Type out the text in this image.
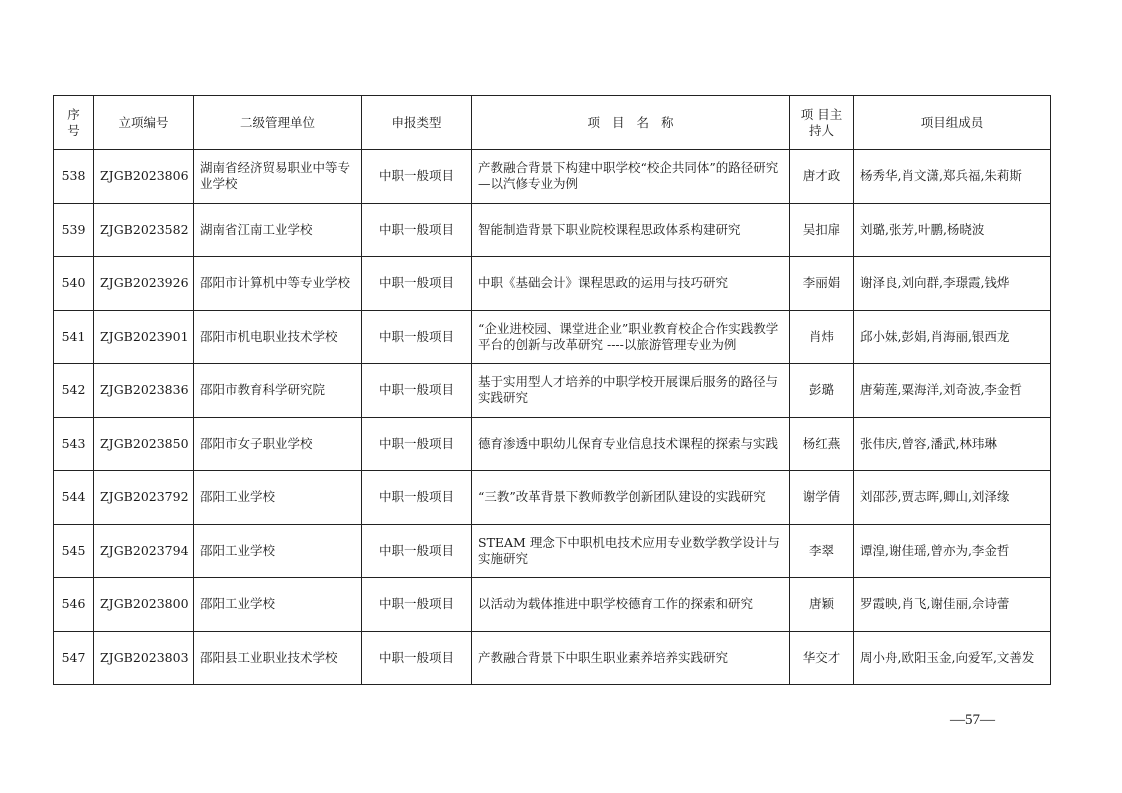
序号	立项编号	二级管理单位	申报类型	项 目 名 称	项 目主持人	项目组成员
538	ZJGB2023806	湖南省经济贸易职业中等专业学校	中职一般项目	产教融合背景下构建中职学校“校企共同体”的路径研究—以汽修专业为例	唐才政	杨秀华,肖文潇,郑兵福,朱莉斯
539	ZJGB2023582	湖南省江南工业学校	中职一般项目	智能制造背景下职业院校课程思政体系构建研究	吴扣扉	刘璐,张芳,叶鹏,杨晓波
540	ZJGB2023926	邵阳市计算机中等专业学校	中职一般项目	中职《基础会计》课程思政的运用与技巧研究	李丽娟	谢泽良,刘向群,李璟霞,钱烨
541	ZJGB2023901	邵阳市机电职业技术学校	中职一般项目	“企业进校园、课堂进企业”职业教育校企合作实践教学平台的创新与改革研究 ----以旅游管理专业为例	肖炜	邱小妹,彭娟,肖海丽,银西龙
542	ZJGB2023836	邵阳市教育科学研究院	中职一般项目	基于实用型人才培养的中职学校开展课后服务的路径与实践研究	彭璐	唐菊莲,粟海洋,刘奇波,李金哲
543	ZJGB2023850	邵阳市女子职业学校	中职一般项目	德育渗透中职幼儿保育专业信息技术课程的探索与实践	杨红燕	张伟庆,曾容,潘武,林玮琳
544	ZJGB2023792	邵阳工业学校	中职一般项目	“三教”改革背景下教师教学创新团队建设的实践研究	谢学倩	刘邵莎,贾志晖,卿山,刘泽缘
545	ZJGB2023794	邵阳工业学校	中职一般项目	STEAM 理念下中职机电技术应用专业数学教学设计与实施研究	李翠	谭湟,谢佳瑶,曾亦为,李金哲
546	ZJGB2023800	邵阳工业学校	中职一般项目	以活动为载体推进中职学校德育工作的探索和研究	唐颖	罗霞映,肖飞,谢佳丽,佘诗蕾
547	ZJGB2023803	邵阳县工业职业技术学校	中职一般项目	产教融合背景下中职生职业素养培养实践研究	华交才	周小舟,欧阳玉金,向爱军,文善发
—57—
